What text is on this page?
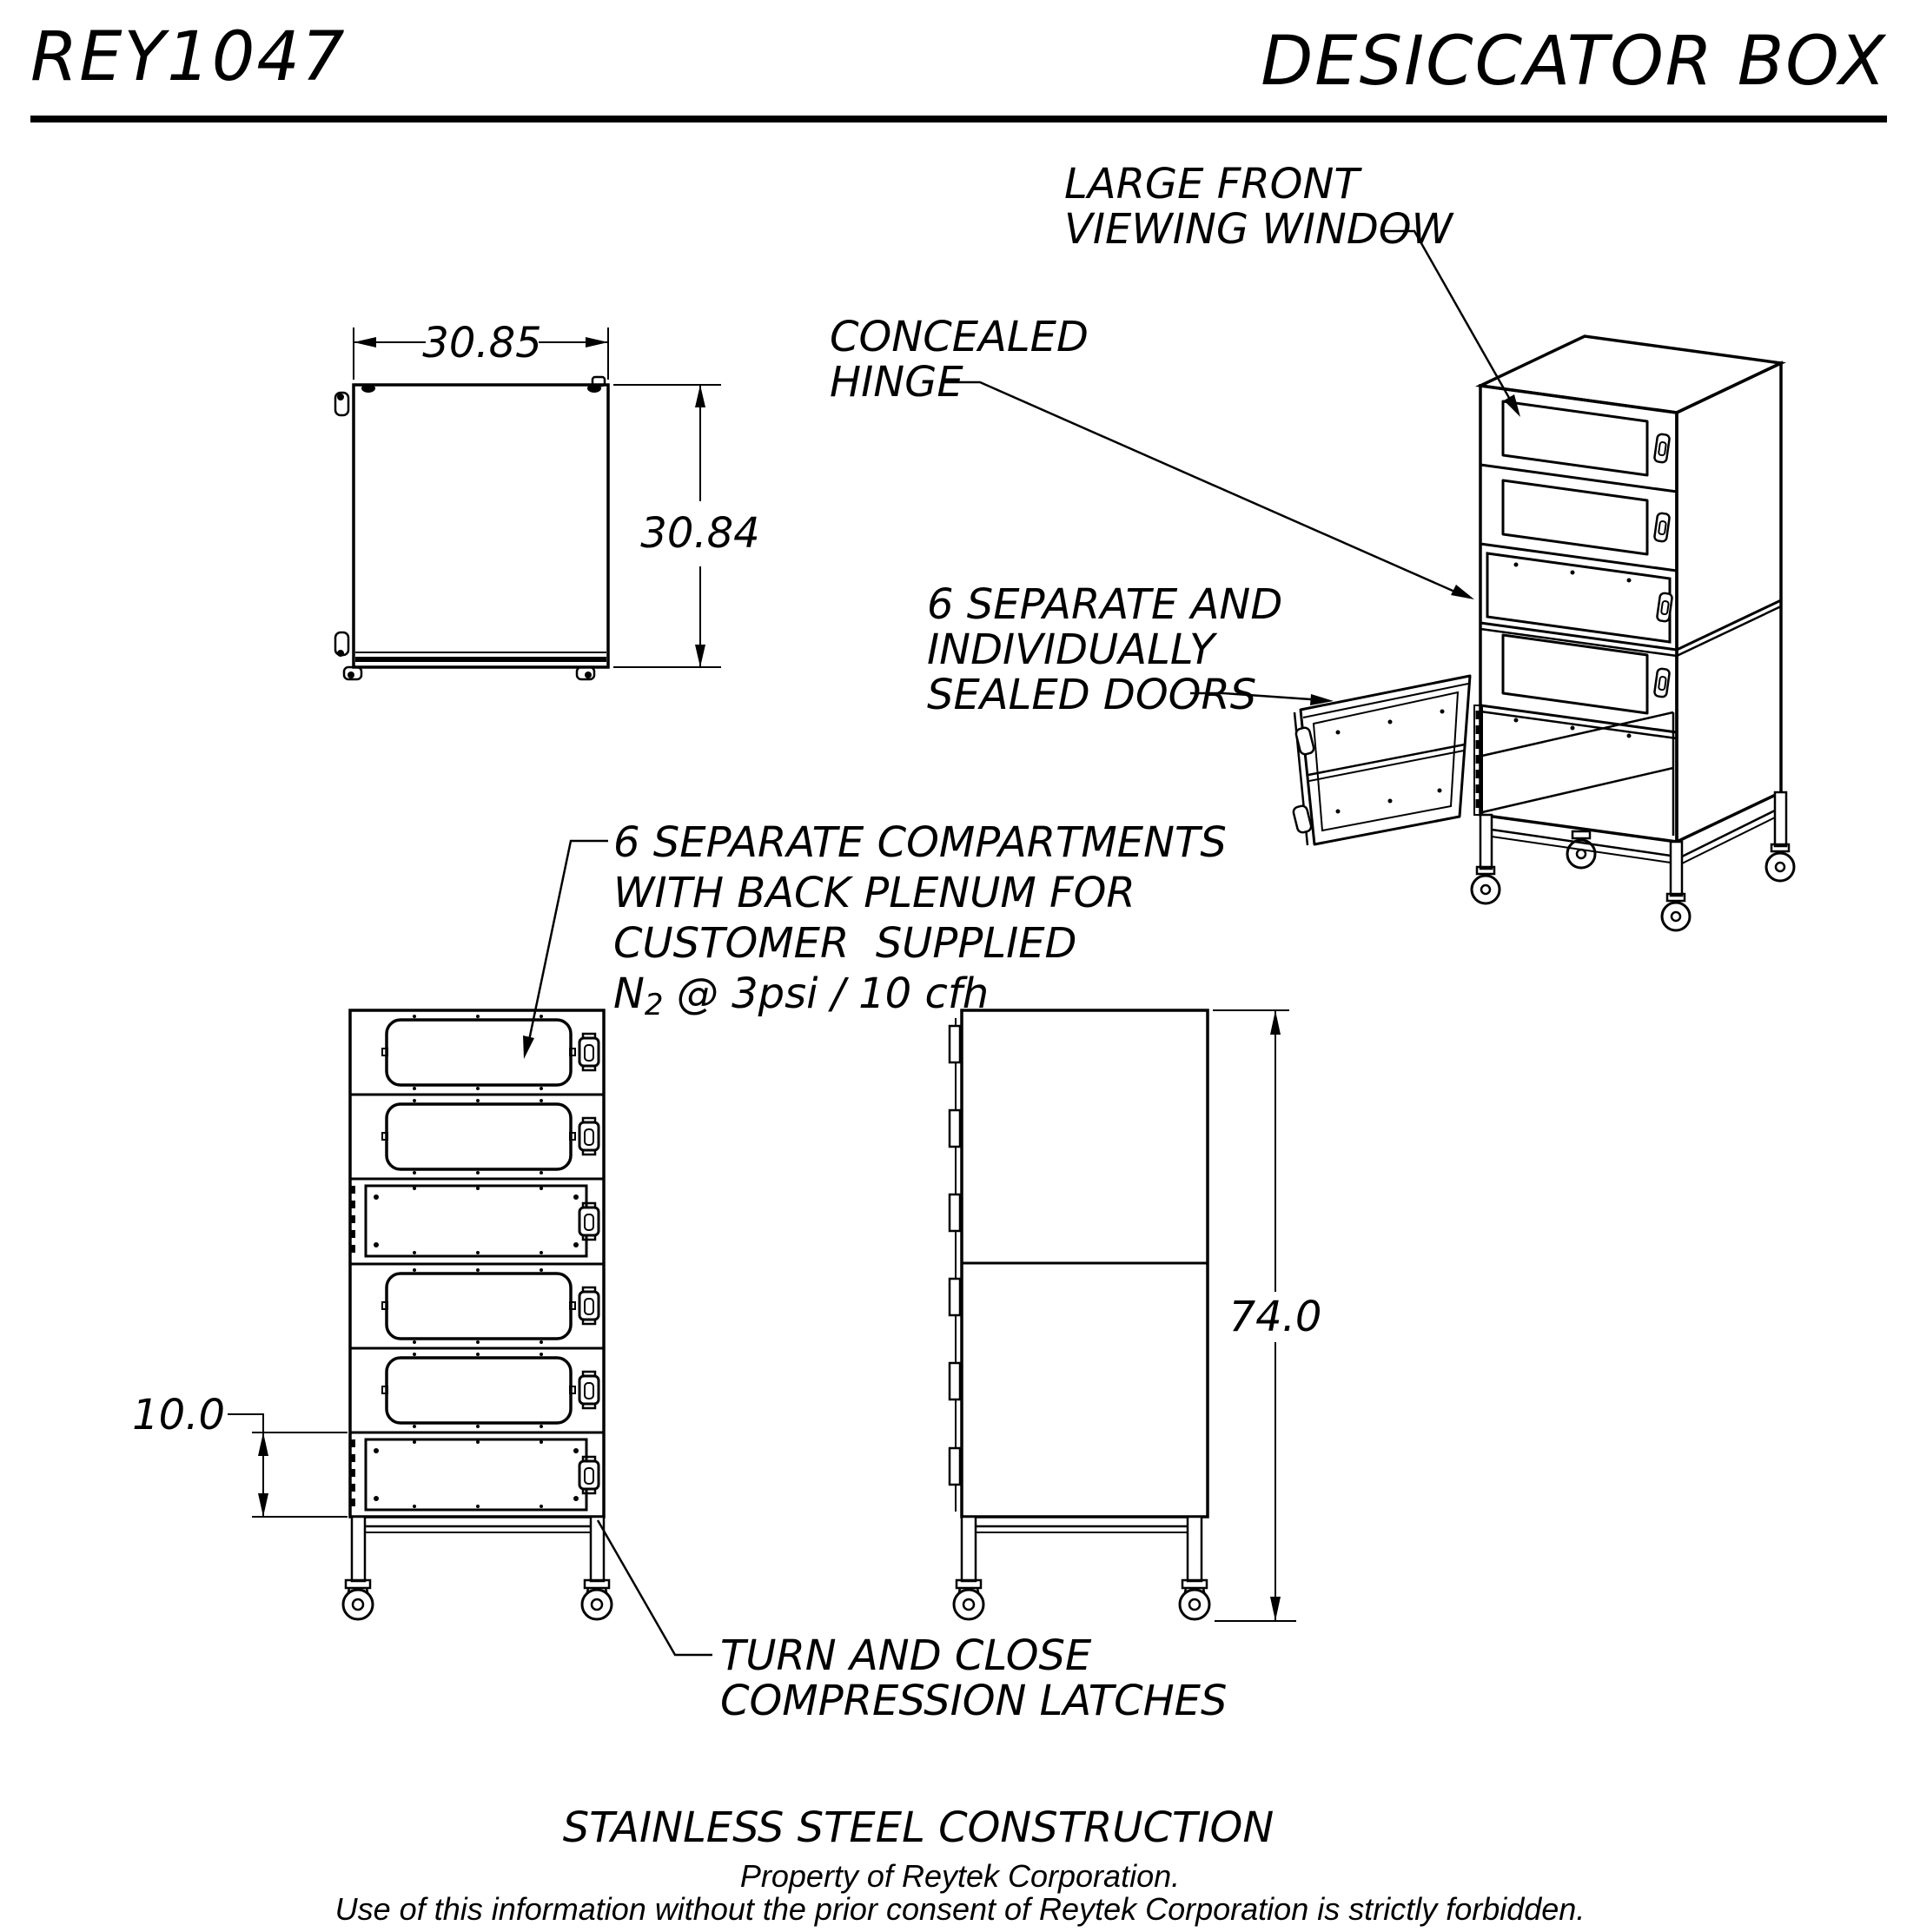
REY1047	DESICCATOR BOX
30.85
30.84
10.0
74.0
LARGE FRONT
VIEWING WINDOW
CONCEALED
HINGE
6 SEPARATE AND
INDIVIDUALLY
SEALED DOORS
6 SEPARATE COMPARTMENTS
WITH BACK PLENUM FOR
CUSTOMER  SUPPLIED
N2 @ 3psi / 10 cfh
TURN AND CLOSE
COMPRESSION LATCHES
STAINLESS STEEL CONSTRUCTION
Property of Reytek Corporation.
Use of this information without the prior consent of Reytek Corporation is strictly forbidden.
